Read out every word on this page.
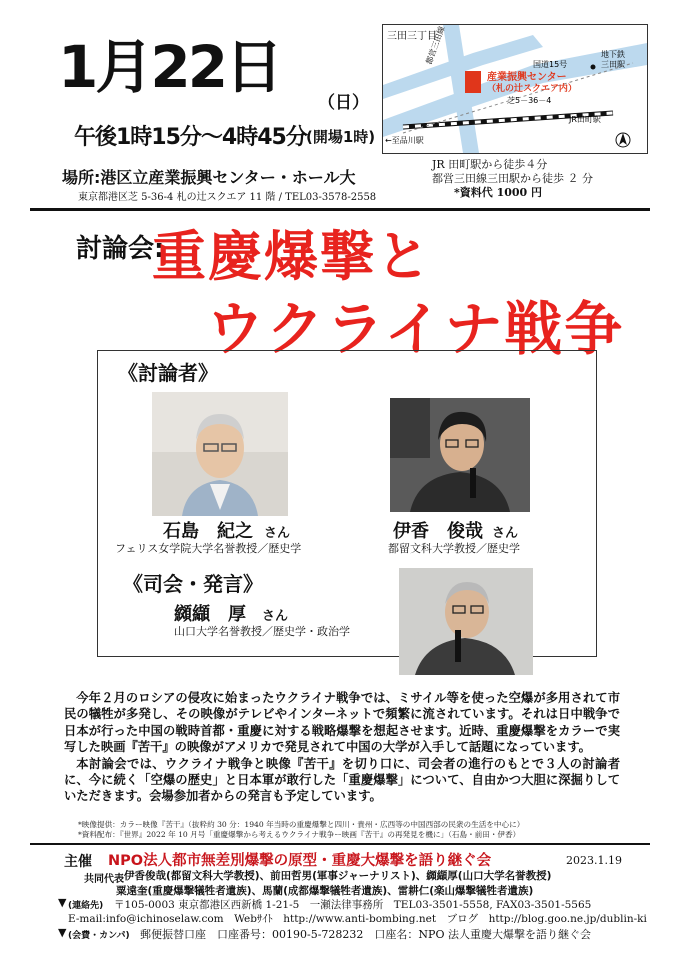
1月22日
（日）
午後1時15分～4時45分 (開場1時)
場所:港区立産業振興センター・ホール大
東京都港区芝 5-36-4 札の辻スクエア 11 階 / TEL03-3578-2558
JR 田町駅から徒歩４分
都営三田線三田駅から徒歩 ２ 分
*資料代 1000 円
三田三丁目
国道15号
都営三田線	地下鉄
三田駅
産業振興センター
（札の辻スクエア内）
芝5－36－4
←至品川駅
JR田町駅
討論会:
重慶爆撃と
ウクライナ戦争
《討論者》
石島　紀之 さん
フェリス女学院大学名誉教授／歴史学
伊香　俊哉 さん
都留文科大学教授／歴史学
《司会・発言》
纐纈　厚 さん
山口大学名誉教授／歴史学・政治学

今年２月のロシアの侵攻に始まったウクライナ戦争では、ミサイル等を使った空爆が多用されて市民の犠牲が多発し、その映像がテレビやインターネットで頻繁に流されています。それは日中戦争で日本が行った中国の戦時首都・重慶に対する戦略爆撃を想起させます。近時、重慶爆撃をカラーで実写した映画『苦干』の映像がアメリカで発見されて中国の大学が入手して話題になっています。

本討論会では、ウクライナ戦争と映像『苦干』を切り口に、司会者の進行のもとで３人の討論者に、今に続く「空爆の歴史」と日本軍が敢行した「重慶爆撃」について、自由かつ大胆に深掘りしていただきます。会場参加者からの発言も予定しています。

*映像提供：カラー映像『苦干』（抜粋約 30 分：1940 年当時の重慶爆撃と四川・貴州・広西等の中国西部の民衆の生活を中心に）
*資料配布：『世界』2022 年 10 月号「重慶爆撃から考えるウクライナ戦争ー映画『苦干』の再発見を機に」（石島・前田・伊香）
主催 NPO法人都市無差別爆撃の原型・重慶大爆撃を語り継ぐ会	2023.1.19
共同代表 伊香俊哉(都留文科大学教授)、前田哲男(軍事ジャーナリスト)、纐纈厚(山口大学名誉教授)
粟遠奎(重慶爆撃犠牲者遺族)、馬蘭(成都爆撃犠牲者遺族)、雷耕仁(楽山爆撃犠牲者遺族)
▼ (連絡先) 〒105-0003 東京都港区西新橋 1-21-5　一瀬法律事務所　TEL03-3501-5558, FAX03-3501-5565
E-mail:info@ichinoselaw.com　Webｻｲﾄ　http://www.anti-bombing.net　ブログ　http://blog.goo.ne.jp/dublin-ki
▼ (会費・カンパ) 郵便振替口座　口座番号：00190-5-728232　口座名：NPO 法人重慶大爆撃を語り継ぐ会
